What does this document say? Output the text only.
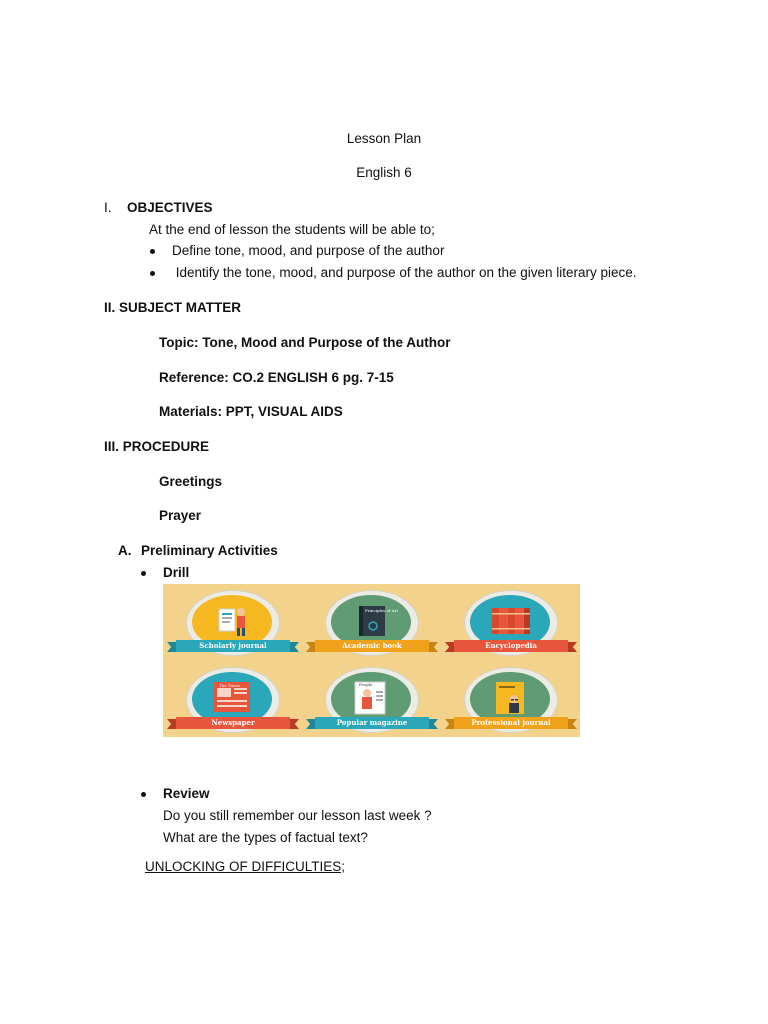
Lesson Plan
English 6
I. OBJECTIVES
At the end of lesson the students will be able to;
Define tone, mood, and purpose of the author
Identify the tone, mood, and purpose of the author on the given literary piece.
II. SUBJECT MATTER
Topic: Tone, Mood and Purpose of the Author
Reference: CO.2 ENGLISH 6 pg. 7-15
Materials: PPT, VISUAL AIDS
III. PROCEDURE
Greetings
Prayer
A. Preliminary Activities
Drill
Scholarly journal
Principles of Art
Academic book	Encyclopedia
The Times
Newspaper
People
Popular magazine	Professional journal
Review
Do you still remember our lesson last week ?
What are the types of factual text?
UNLOCKING OF DIFFICULTIES;
